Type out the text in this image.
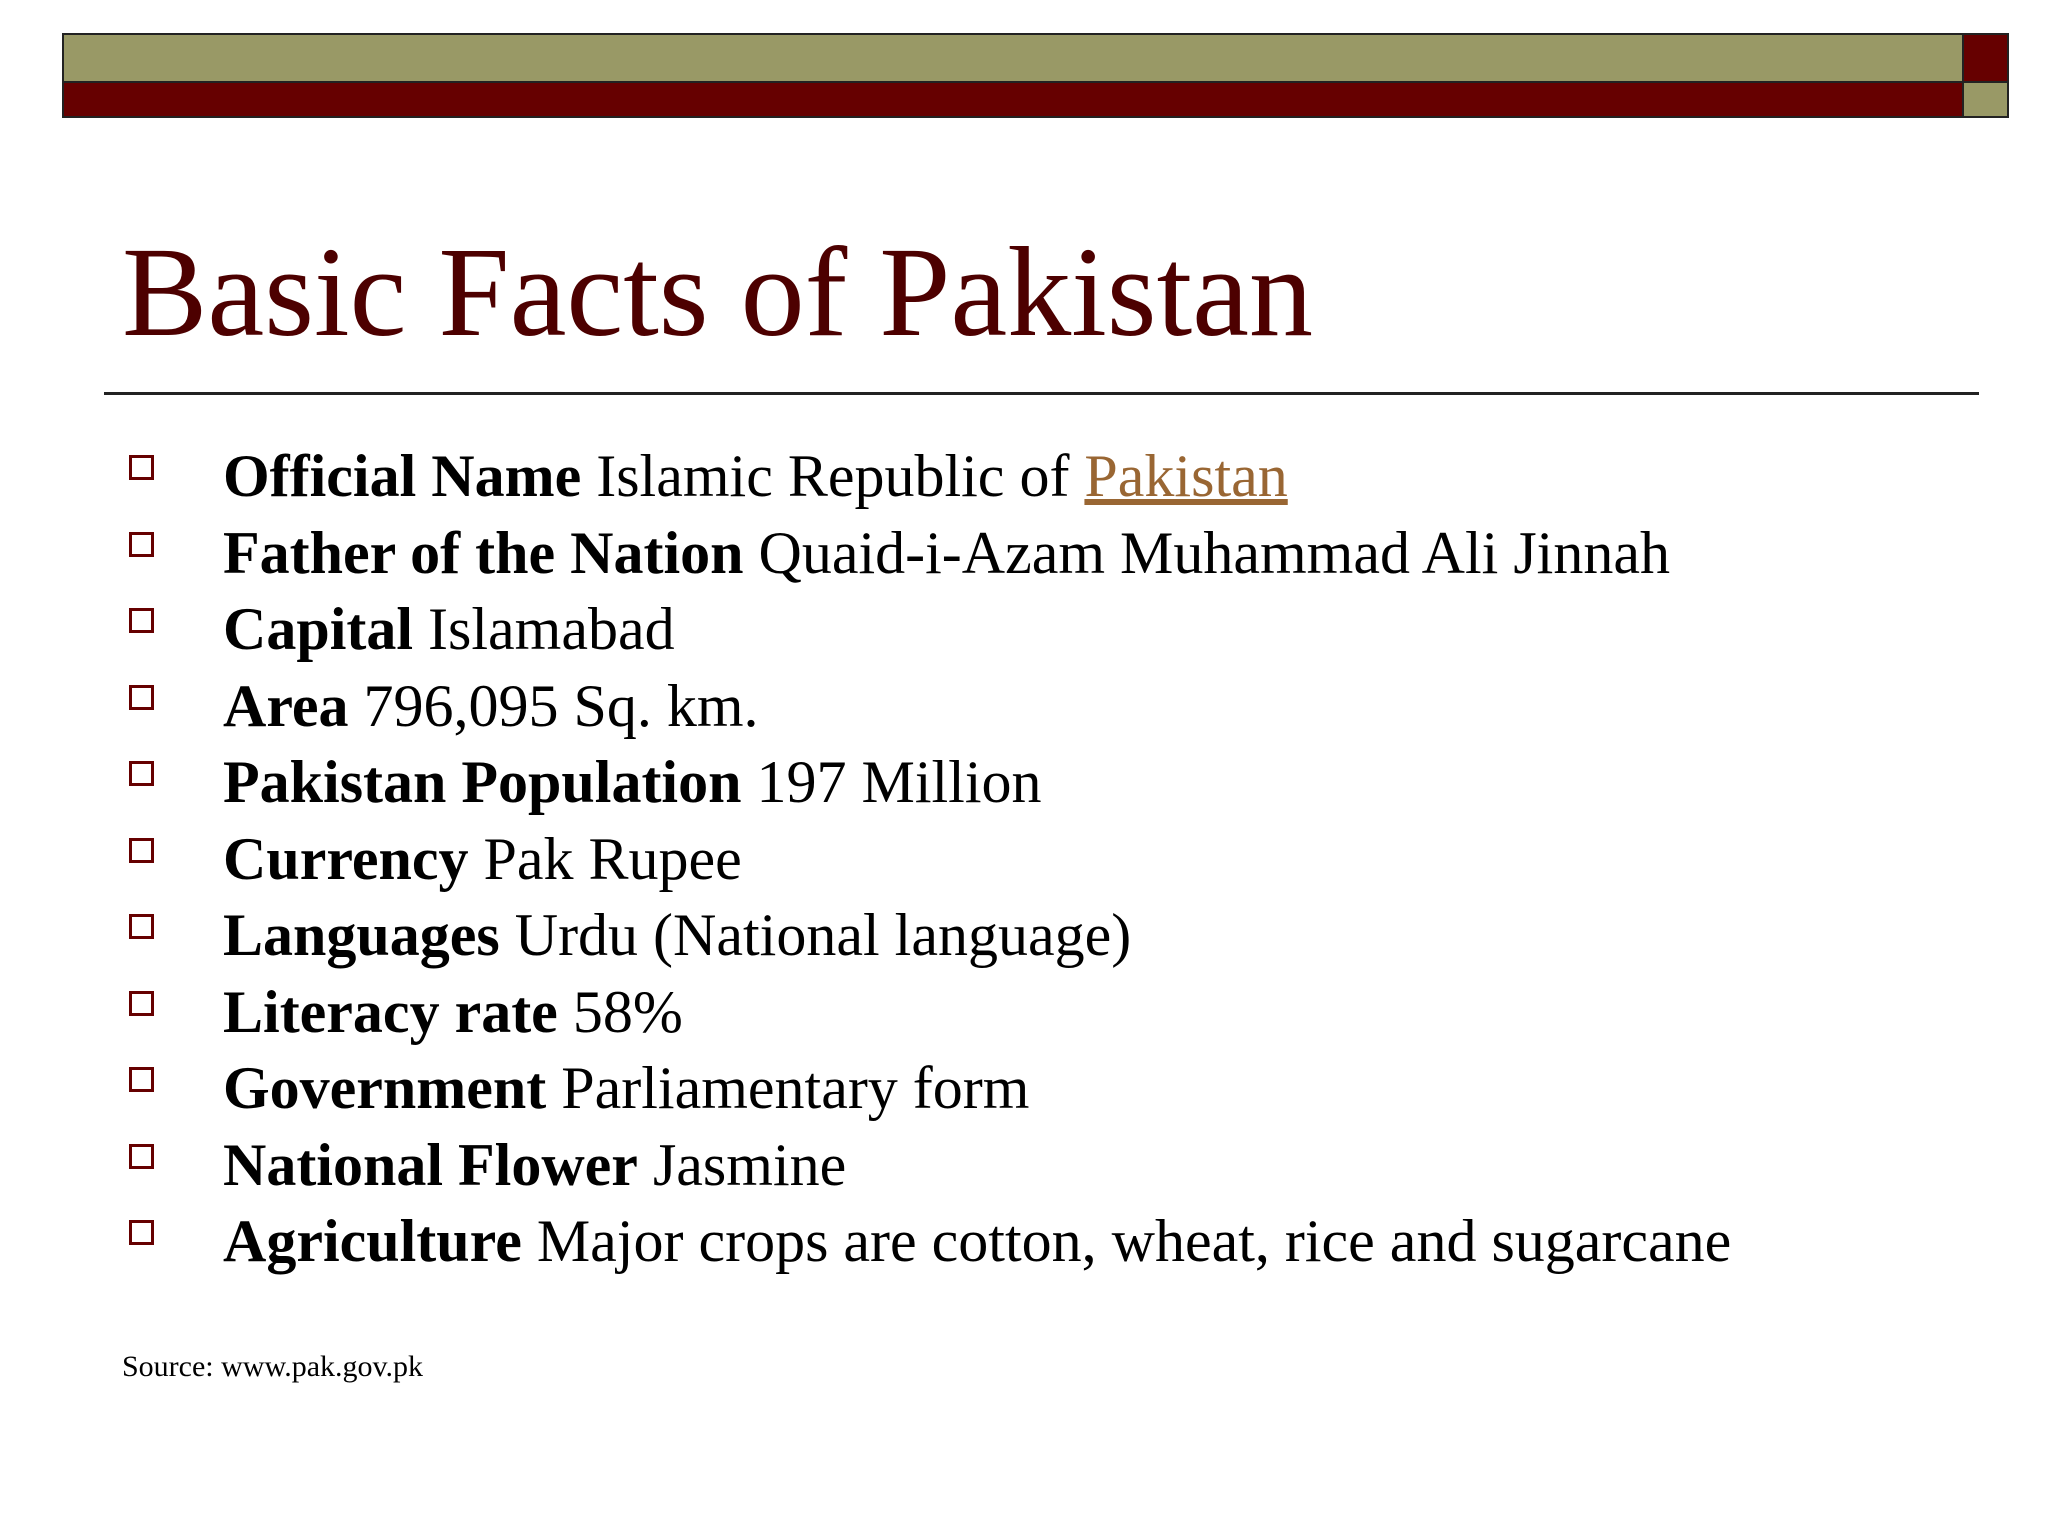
Basic Facts of Pakistan
Official Name Islamic Republic of Pakistan
Father of the Nation Quaid-i-Azam Muhammad Ali Jinnah
Capital Islamabad
Area 796,095 Sq. km.
Pakistan Population 197 Million
Currency Pak Rupee
Languages Urdu (National language)
Literacy rate 58%
Government Parliamentary form
National Flower Jasmine
Agriculture Major crops are cotton, wheat, rice and sugarcane
Source: www.pak.gov.pk
